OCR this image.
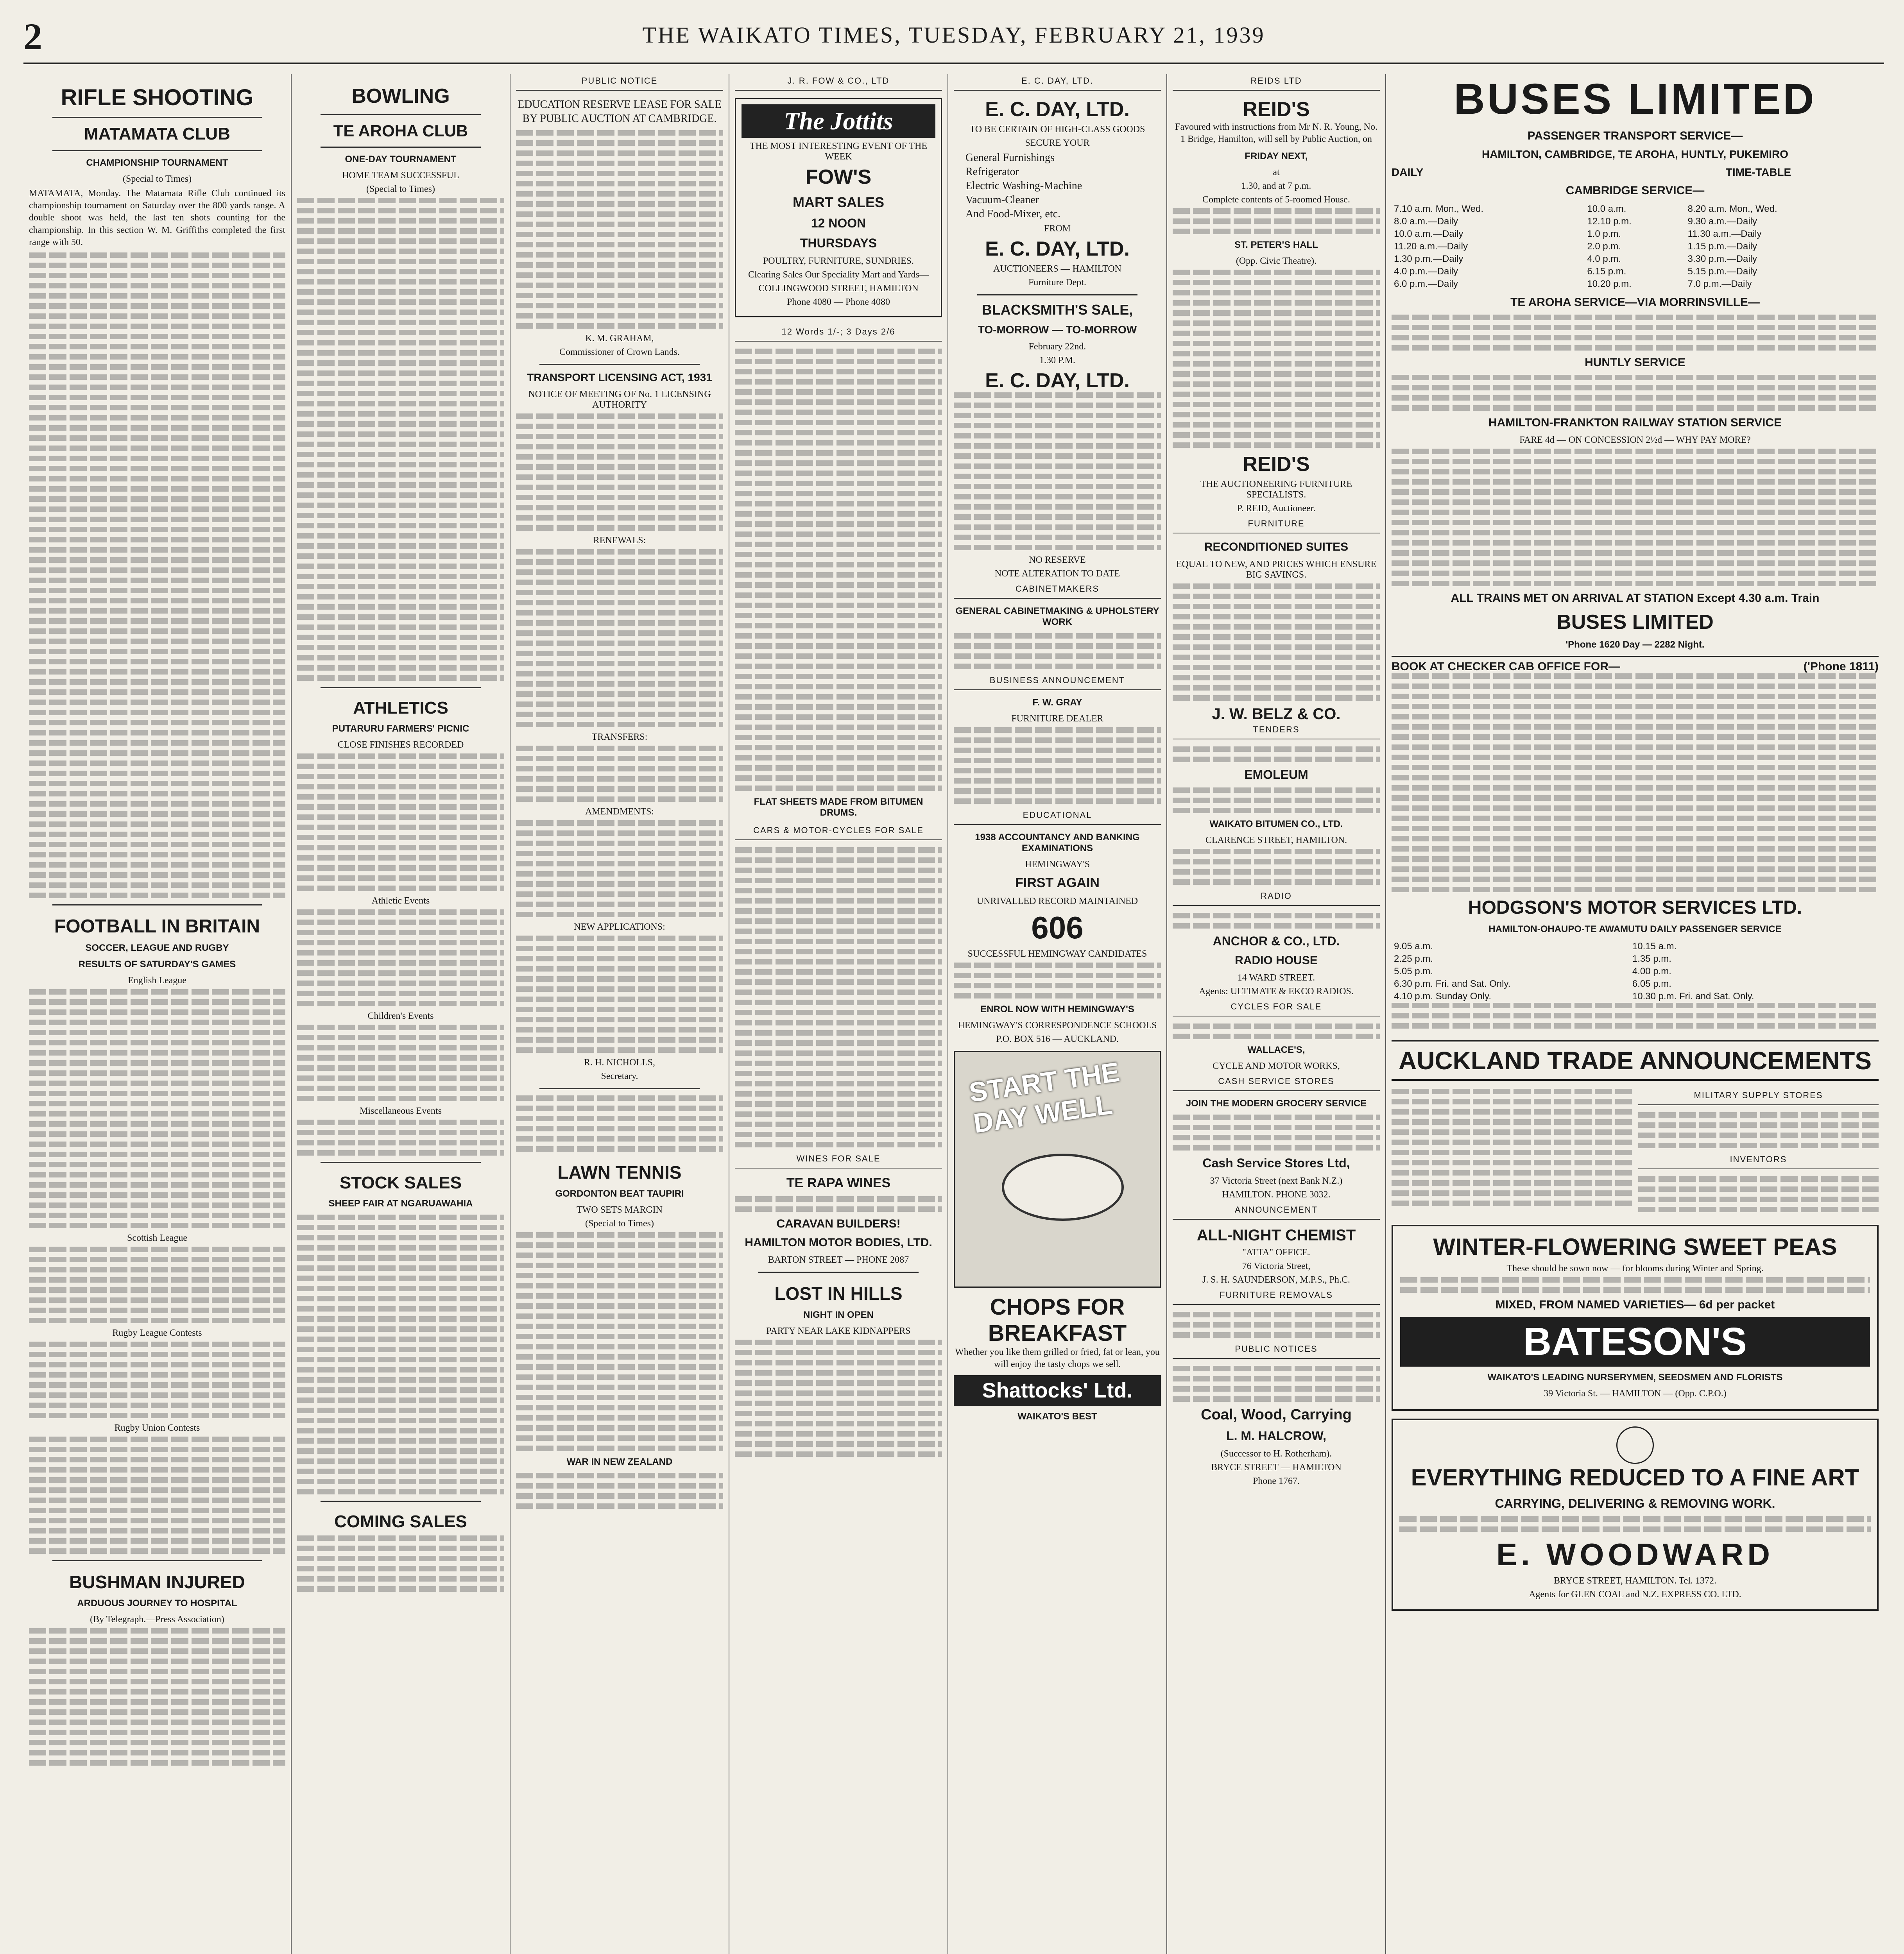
2	THE WAIKATO TIMES, TUESDAY, FEBRUARY 21, 1939
RIFLE SHOOTING
MATAMATA CLUB
CHAMPIONSHIP TOURNAMENT
(Special to Times)

MATAMATA, Monday. The Matamata Rifle Club continued its championship tournament on Saturday over the 800 yards range. A double shoot was held, the last ten shots counting for the championship. In this section W. M. Griffiths completed the first range with 50.

FOOTBALL IN BRITAIN
SOCCER, LEAGUE AND RUGBY
RESULTS OF SATURDAY'S GAMES
English League
Scottish League
Rugby League Contests
Rugby Union Contests
BUSHMAN INJURED
ARDUOUS JOURNEY TO HOSPITAL
(By Telegraph.—Press Association)
BOWLING
TE AROHA CLUB
ONE-DAY TOURNAMENT
HOME TEAM SUCCESSFUL
(Special to Times)
ATHLETICS
PUTARURU FARMERS' PICNIC
CLOSE FINISHES RECORDED
Athletic Events
Children's Events
Miscellaneous Events
STOCK SALES
SHEEP FAIR AT NGARUAWAHIA
COMING SALES
PUBLIC NOTICE

EDUCATION RESERVE LEASE FOR SALE BY PUBLIC AUCTION AT CAMBRIDGE.

K. M. GRAHAM,
Commissioner of Crown Lands.
TRANSPORT LICENSING ACT, 1931
NOTICE OF MEETING OF No. 1 LICENSING AUTHORITY
RENEWALS:
TRANSFERS:
AMENDMENTS:
NEW APPLICATIONS:
R. H. NICHOLLS,
Secretary.
LAWN TENNIS
GORDONTON BEAT TAUPIRI
TWO SETS MARGIN
(Special to Times)
WAR IN NEW ZEALAND
J. R. FOW & CO., LTD
The Jottits
THE MOST INTERESTING EVENT OF THE WEEK
FOW'S
MART SALES
12 NOON
THURSDAYS
POULTRY, FURNITURE, SUNDRIES.
Clearing Sales Our Speciality Mart and Yards—
COLLINGWOOD STREET, HAMILTON
Phone 4080 — Phone 4080
12 Words 1/-; 3 Days 2/6
FLAT SHEETS MADE FROM BITUMEN DRUMS.
CARS & MOTOR-CYCLES FOR SALE
WINES FOR SALE
TE RAPA WINES
CARAVAN BUILDERS!
HAMILTON MOTOR BODIES, LTD.
BARTON STREET — PHONE 2087
LOST IN HILLS
NIGHT IN OPEN
PARTY NEAR LAKE KIDNAPPERS
E. C. DAY, LTD.
E. C. DAY, LTD.
TO BE CERTAIN OF HIGH-CLASS GOODS
SECURE YOUR
General Furnishings
Refrigerator
Electric Washing-Machine
Vacuum-Cleaner
And Food-Mixer, etc.
FROM
E. C. DAY, LTD.
AUCTIONEERS — HAMILTON
Furniture Dept.
BLACKSMITH'S SALE,
TO-MORROW — TO-MORROW
February 22nd.
1.30 P.M.
E. C. DAY, LTD.
NO RESERVE
NOTE ALTERATION TO DATE
CABINETMAKERS
GENERAL CABINETMAKING & UPHOLSTERY WORK
BUSINESS ANNOUNCEMENT
F. W. GRAY
FURNITURE DEALER
EDUCATIONAL
1938 ACCOUNTANCY AND BANKING EXAMINATIONS
HEMINGWAY'S
FIRST AGAIN
UNRIVALLED RECORD MAINTAINED
606
SUCCESSFUL HEMINGWAY CANDIDATES
ENROL NOW WITH HEMINGWAY'S
HEMINGWAY'S CORRESPONDENCE SCHOOLS
P.O. BOX 516 — AUCKLAND.
START THE DAY WELL
CHOPS FOR BREAKFAST

Whether you like them grilled or fried, fat or lean, you will enjoy the tasty chops we sell.

Shattocks' Ltd.
WAIKATO'S BEST
REIDS LTD
REID'S

Favoured with instructions from Mr N. R. Young, No. 1 Bridge, Hamilton, will sell by Public Auction, on

FRIDAY NEXT,
at
1.30, and at 7 p.m.
Complete contents of 5-roomed House.
ST. PETER'S HALL
(Opp. Civic Theatre).
REID'S
THE AUCTIONEERING FURNITURE SPECIALISTS.
P. REID, Auctioneer.
FURNITURE
RECONDITIONED SUITES
EQUAL TO NEW, AND PRICES WHICH ENSURE BIG SAVINGS.
J. W. BELZ & CO.
TENDERS
EMOLEUM
WAIKATO BITUMEN CO., LTD.
CLARENCE STREET, HAMILTON.
RADIO
ANCHOR & CO., LTD.
RADIO HOUSE
14 WARD STREET.
Agents: ULTIMATE & EKCO RADIOS.
CYCLES FOR SALE
WALLACE'S,
CYCLE AND MOTOR WORKS,
CASH SERVICE STORES
JOIN THE MODERN GROCERY SERVICE
Cash Service Stores Ltd,
37 Victoria Street (next Bank N.Z.)
HAMILTON. PHONE 3032.
ANNOUNCEMENT
ALL-NIGHT CHEMIST
"ATTA" OFFICE.
76 Victoria Street,
J. S. H. SAUNDERSON, M.P.S., Ph.C.
FURNITURE REMOVALS
PUBLIC NOTICES
Coal, Wood, Carrying
L. M. HALCROW,
(Successor to H. Rotherham).
BRYCE STREET — HAMILTON
Phone 1767.
BUSES LIMITED
PASSENGER TRANSPORT SERVICE—
HAMILTON, CAMBRIDGE, TE AROHA, HUNTLY, PUKEMIRO
DAILY	TIME-TABLE
CAMBRIDGE SERVICE—
7.10 a.m. Mon., Wed.	10.0 a.m.	8.20 a.m. Mon., Wed.
8.0 a.m.—Daily	12.10 p.m.	9.30 a.m.—Daily
10.0 a.m.—Daily	1.0 p.m.	11.30 a.m.—Daily
11.20 a.m.—Daily	2.0 p.m.	1.15 p.m.—Daily
1.30 p.m.—Daily	4.0 p.m.	3.30 p.m.—Daily
4.0 p.m.—Daily	6.15 p.m.	5.15 p.m.—Daily
6.0 p.m.—Daily	10.20 p.m.	7.0 p.m.—Daily
TE AROHA SERVICE—VIA MORRINSVILLE—
HUNTLY SERVICE
HAMILTON-FRANKTON RAILWAY STATION SERVICE
FARE 4d — ON CONCESSION 2½d — WHY PAY MORE?
ALL TRAINS MET ON ARRIVAL AT STATION Except 4.30 a.m. Train
BUSES LIMITED
'Phone 1620 Day — 2282 Night.
BOOK AT CHECKER CAB OFFICE FOR—	('Phone 1811)
HODGSON'S MOTOR SERVICES LTD.
HAMILTON-OHAUPO-TE AWAMUTU DAILY PASSENGER SERVICE
9.05 a.m.	10.15 a.m.
2.25 p.m.	1.35 p.m.
5.05 p.m.	4.00 p.m.
6.30 p.m. Fri. and Sat. Only.	6.05 p.m.
4.10 p.m. Sunday Only.	10.30 p.m. Fri. and Sat. Only.
AUCKLAND TRADE ANNOUNCEMENTS
MILITARY SUPPLY STORES
INVENTORS
WINTER-FLOWERING SWEET PEAS
These should be sown now — for blooms during Winter and Spring.
MIXED, FROM NAMED VARIETIES— 6d per packet
BATESON'S
WAIKATO'S LEADING NURSERYMEN, SEEDSMEN AND FLORISTS
39 Victoria St. — HAMILTON — (Opp. C.P.O.)
EVERYTHING REDUCED TO A FINE ART
CARRYING, DELIVERING & REMOVING WORK.
E. WOODWARD
BRYCE STREET, HAMILTON. Tel. 1372.
Agents for GLEN COAL and N.Z. EXPRESS CO. LTD.
